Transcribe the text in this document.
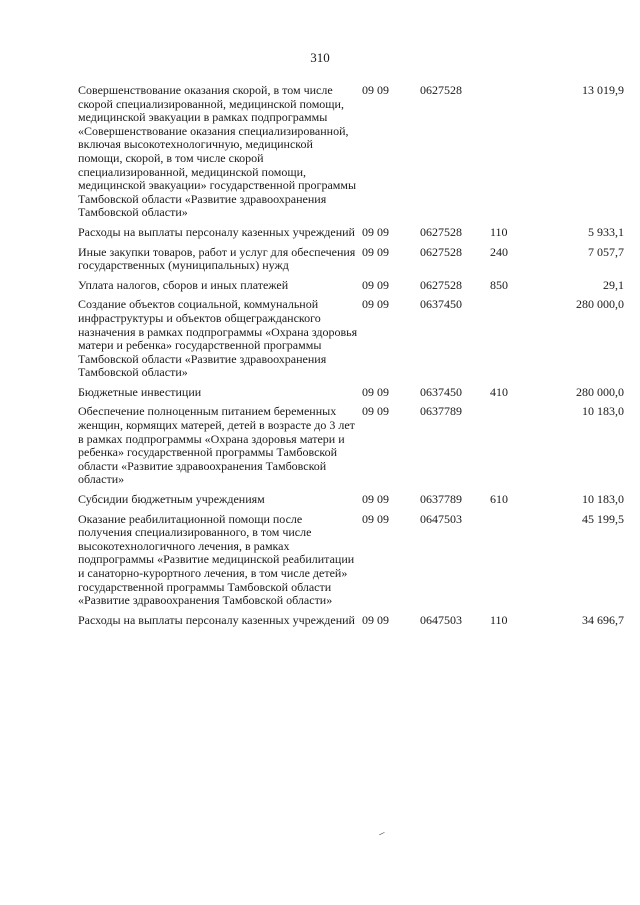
310
Совершенствование оказания скорой, в том числе скорой специализированной, медицинской помощи, медицинской эвакуации в рамках подпрограммы «Совершенствование оказания специализированной, включая высокотехнологичную, медицинской помощи, скорой, в том числе скорой специализированной, медицинской помощи, медицинской эвакуации» государственной программы Тамбовской области «Развитие здравоохранения Тамбовской области»	09 09	0627528		13 019,9
Расходы на выплаты персоналу казенных учреждений	09 09	0627528	110	5 933,1
Иные закупки товаров, работ и услуг для обеспечения государственных (муниципальных) нужд	09 09	0627528	240	7 057,7
Уплата налогов, сборов и иных платежей	09 09	0627528	850	29,1
Создание объектов социальной, коммунальной инфраструктуры и объектов общегражданского назначения в рамках подпрограммы «Охрана здоровья матери и ребенка» государственной программы Тамбовской области «Развитие здравоохранения Тамбовской области»	09 09	0637450		280 000,0
Бюджетные инвестиции	09 09	0637450	410	280 000,0
Обеспечение полноценным питанием беременных женщин, кормящих матерей, детей в возрасте до 3 лет в рамках подпрограммы «Охрана здоровья матери и ребенка» государственной программы Тамбовской области «Развитие здравоохранения Тамбовской области»	09 09	0637789		10 183,0
Субсидии бюджетным учреждениям	09 09	0637789	610	10 183,0
Оказание реабилитационной помощи после получения специализированного, в том числе высокотехнологичного лечения, в рамках подпрограммы «Развитие медицинской реабилитации и санаторно-курортного лечения, в том числе детей» государственной программы Тамбовской области «Развитие здравоохранения Тамбовской области»	09 09	0647503		45 199,5
Расходы на выплаты персоналу казенных учреждений	09 09	0647503	110	34 696,7
⸝
